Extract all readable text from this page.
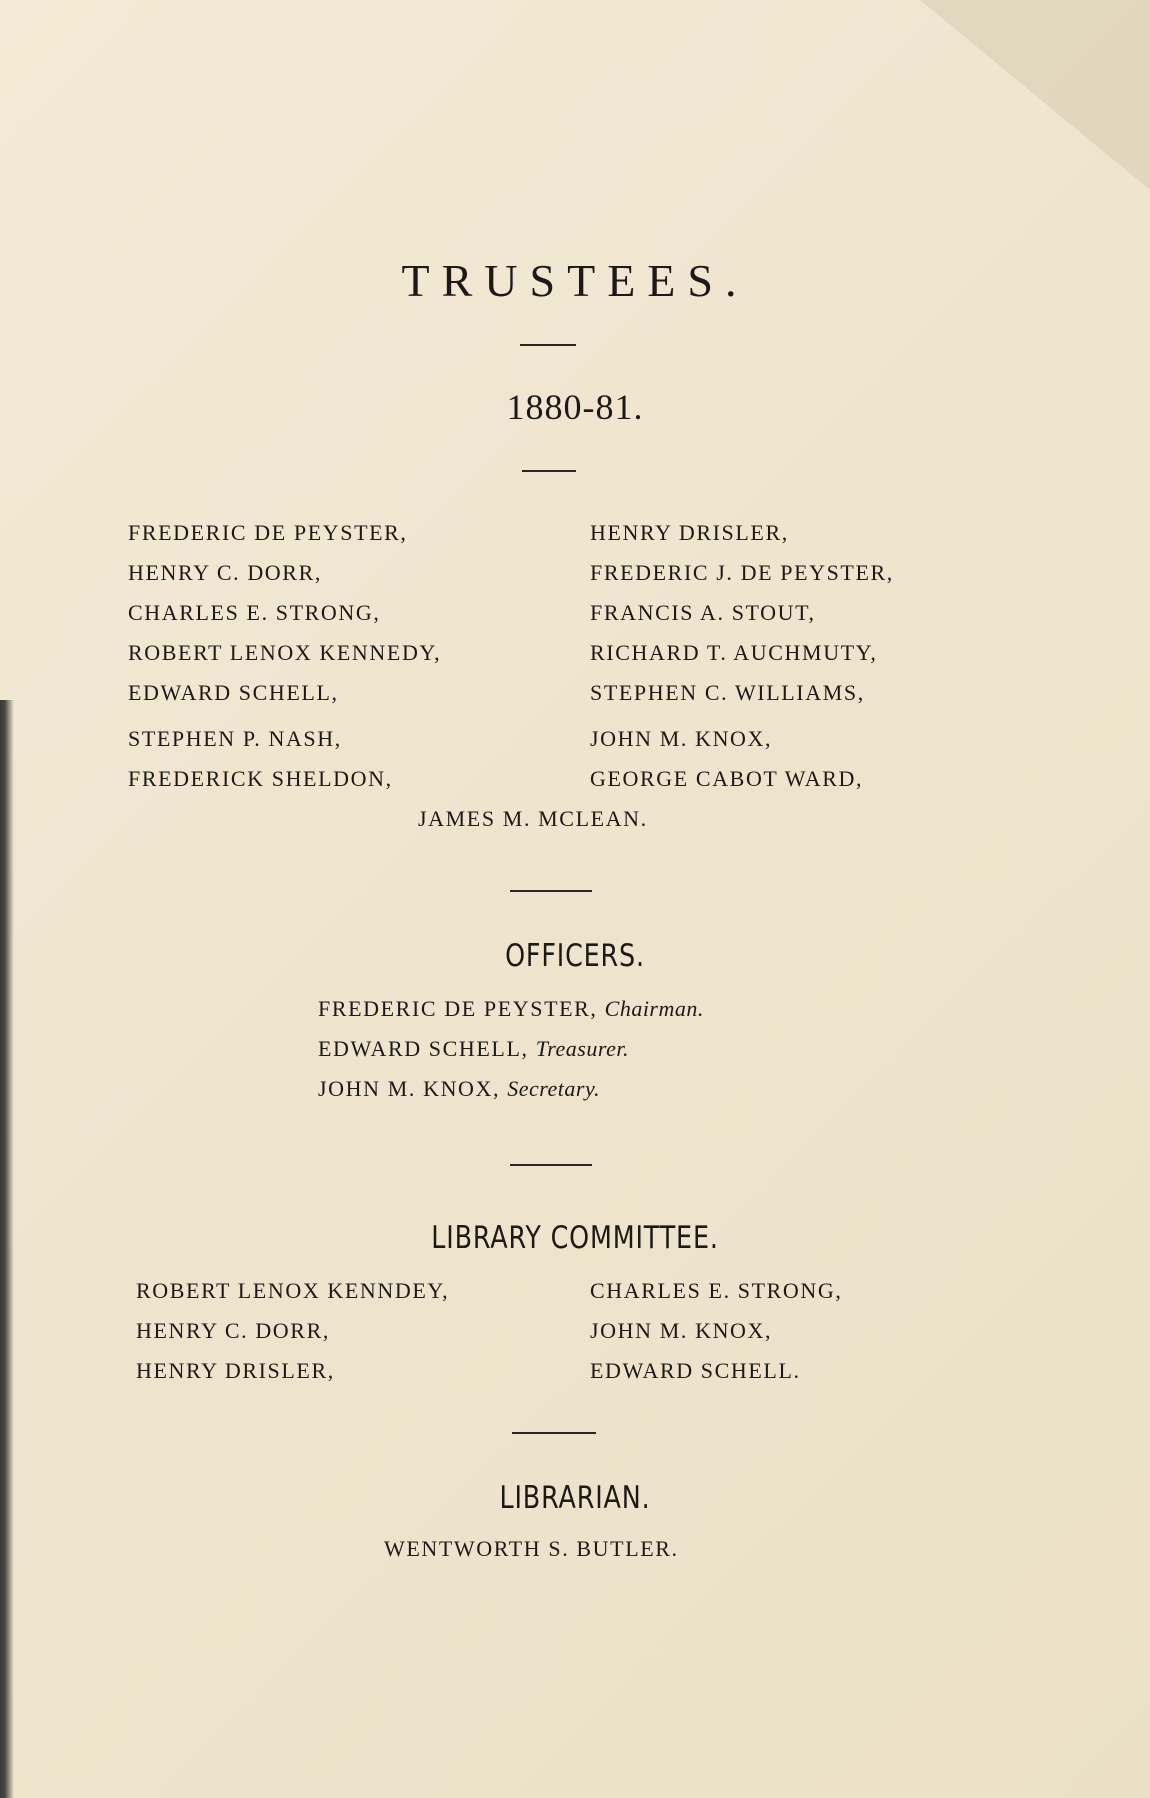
TRUSTEES.
1880-81.
FREDERIC DE PEYSTER,
HENRY C. DORR,
CHARLES E. STRONG,
ROBERT LENOX KENNEDY,
EDWARD SCHELL,
STEPHEN P. NASH,
FREDERICK SHELDON,
HENRY DRISLER,
FREDERIC J. DE PEYSTER,
FRANCIS A. STOUT,
RICHARD T. AUCHMUTY,
STEPHEN C. WILLIAMS,
JOHN M. KNOX,
GEORGE CABOT WARD,
JAMES M. MCLEAN.
OFFICERS.
FREDERIC DE PEYSTER, Chairman.
EDWARD SCHELL, Treasurer.
JOHN M. KNOX, Secretary.
LIBRARY COMMITTEE.
ROBERT LENOX KENNDEY,
HENRY C. DORR,
HENRY DRISLER,
CHARLES E. STRONG,
JOHN M. KNOX,
EDWARD SCHELL.
LIBRARIAN.
WENTWORTH S. BUTLER.
